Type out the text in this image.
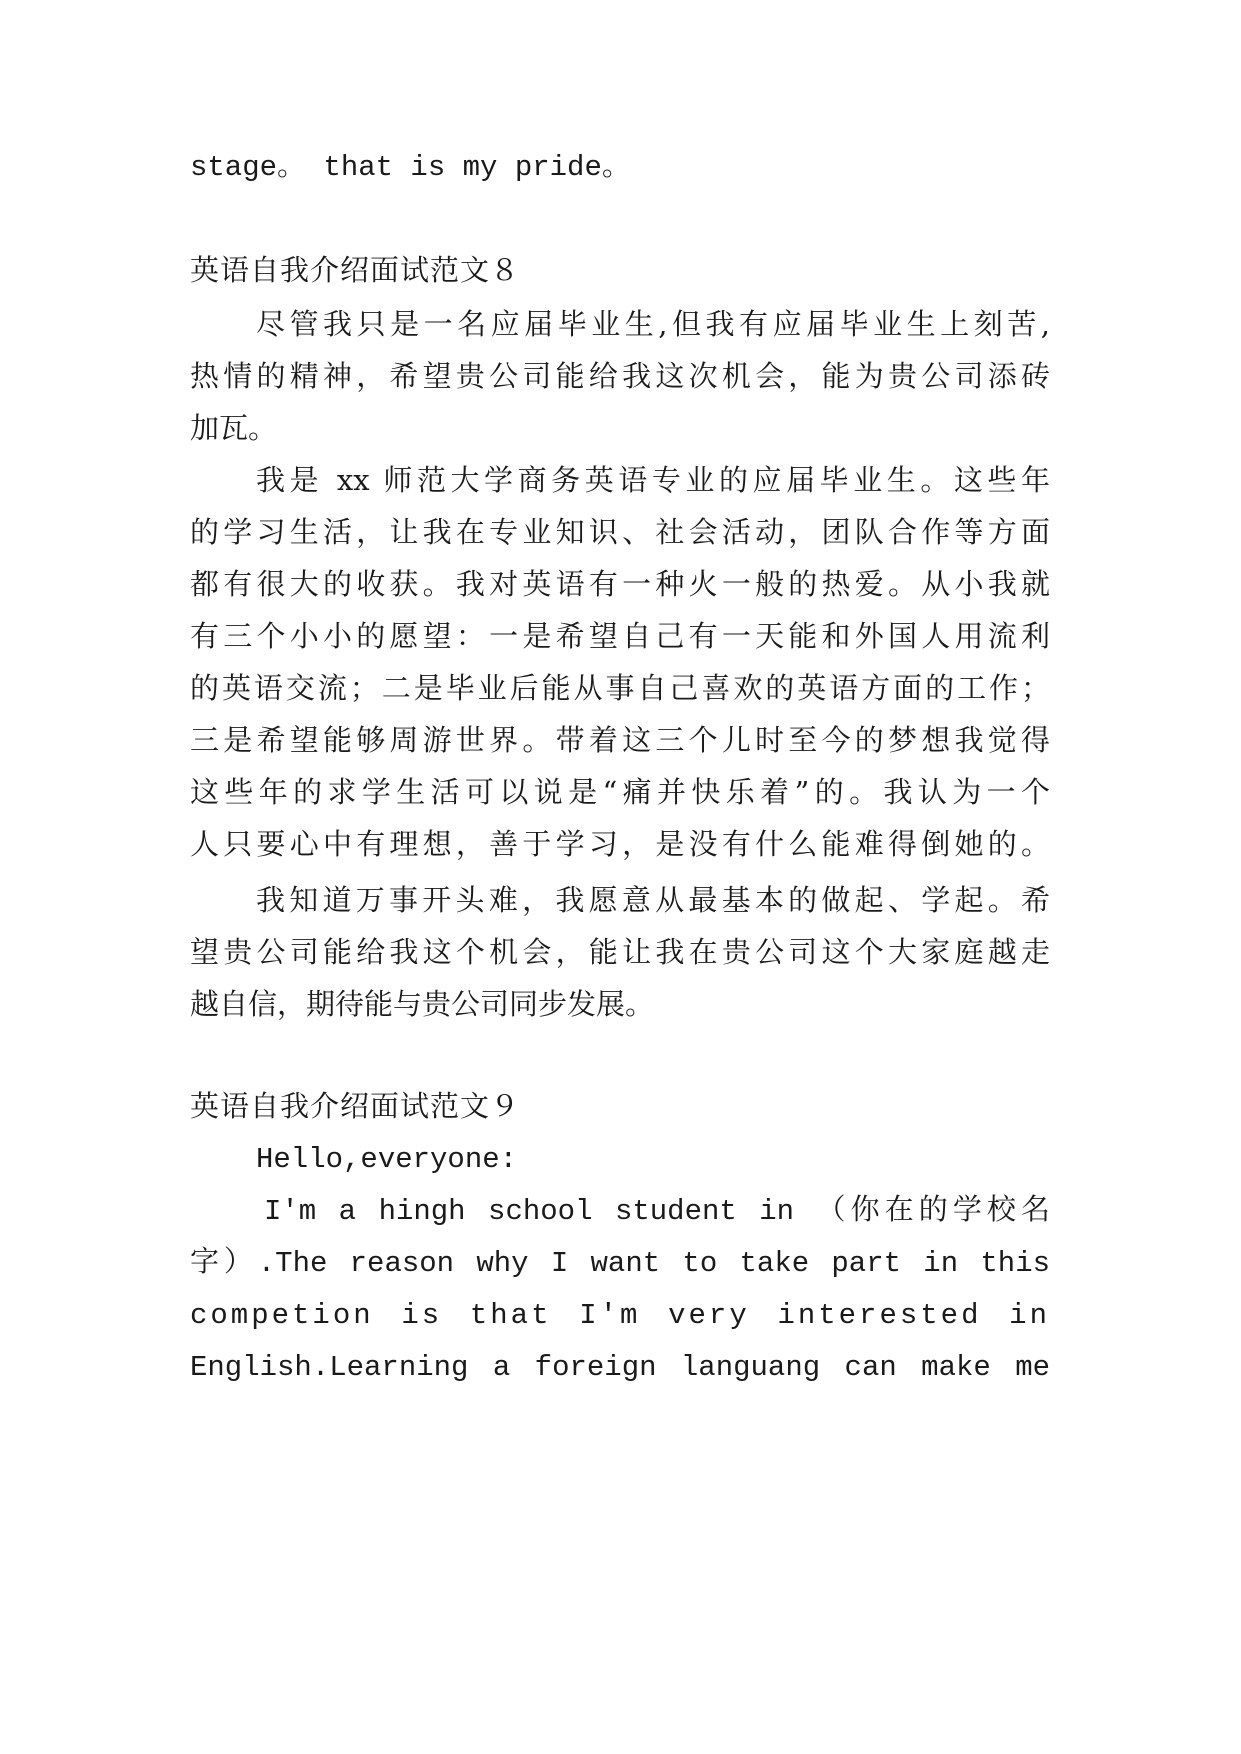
stage。 that is my pride。
英语自我介绍面试范文８
尽管我只是一名应届毕业生,但我有应届毕业生上刻苦,
热情的精神，希望贵公司能给我这次机会，能为贵公司添砖
加瓦。
我是 xx 师范大学商务英语专业的应届毕业生。这些年
的学习生活，让我在专业知识、社会活动，团队合作等方面
都有很大的收获。我对英语有一种火一般的热爱。从小我就
有三个小小的愿望：一是希望自己有一天能和外国人用流利
的英语交流；二是毕业后能从事自己喜欢的英语方面的工作；
三是希望能够周游世界。带着这三个儿时至今的梦想我觉得
这些年的求学生活可以说是“痛并快乐着”的。我认为一个
人只要心中有理想，善于学习，是没有什么能难得倒她的。
我知道万事开头难，我愿意从最基本的做起、学起。希
望贵公司能给我这个机会，能让我在贵公司这个大家庭越走
越自信，期待能与贵公司同步发展。
英语自我介绍面试范文９
Hello,everyone:
I'm a hingh school student in （你在的学校名
字）.The reason why I want to take part in this
competion is that I'm very interested in
English.Learning a foreign languang can make me
